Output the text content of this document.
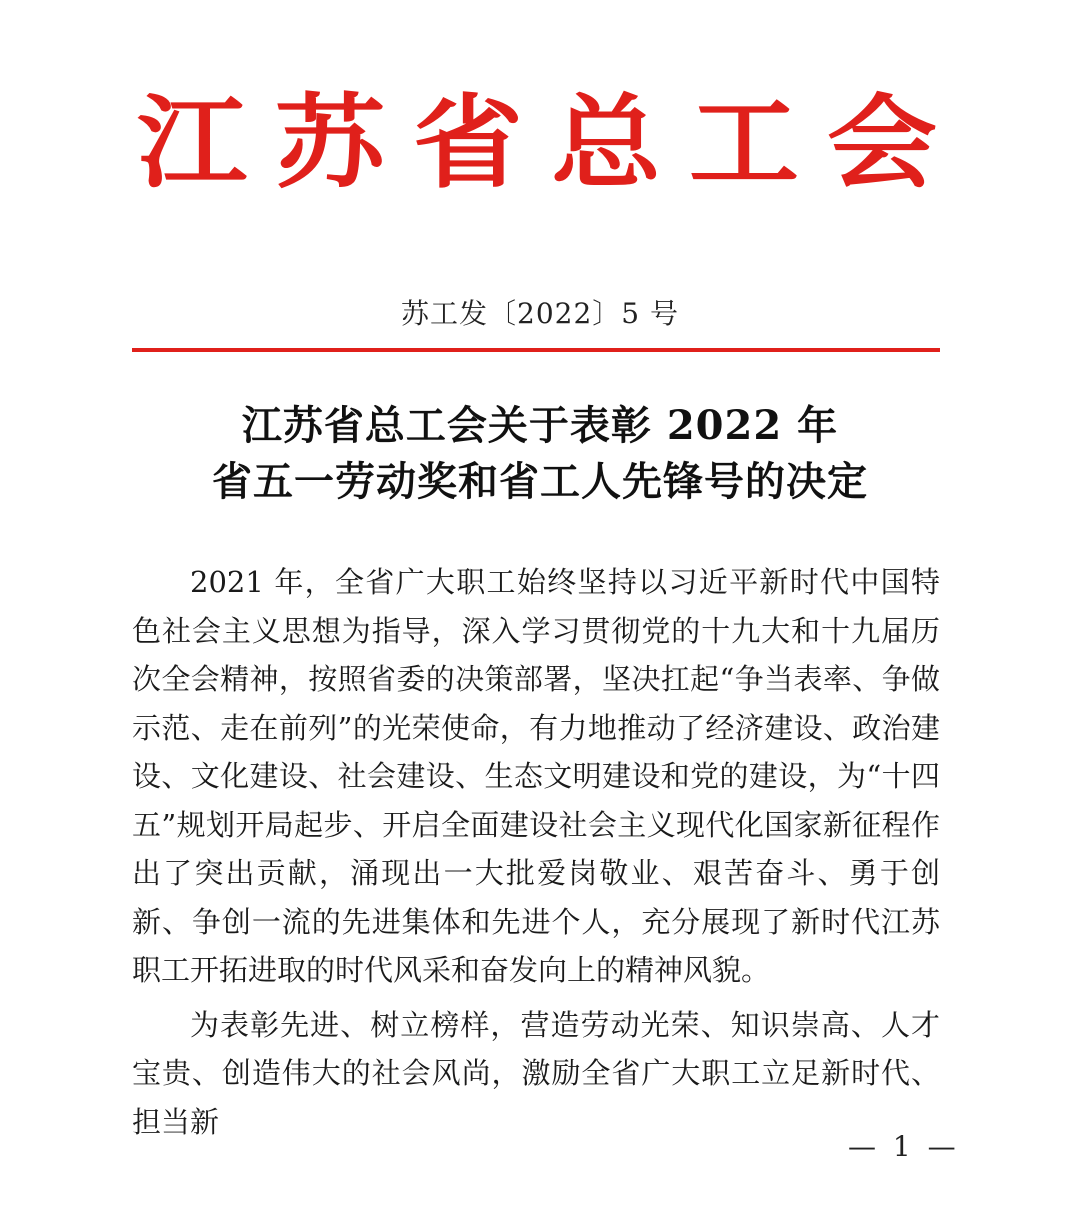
江 苏 省 总 工 会
苏工发〔2022〕5 号
江苏省总工会关于表彰 2022 年
省五一劳动奖和省工人先锋号的决定

2021 年，全省广大职工始终坚持以习近平新时代中国特色社会主义思想为指导，深入学习贯彻党的十九大和十九届历次全会精神，按照省委的决策部署，坚决扛起“争当表率、争做示范、走在前列”的光荣使命，有力地推动了经济建设、政治建设、文化建设、社会建设、生态文明建设和党的建设，为“十四五”规划开局起步、开启全面建设社会主义现代化国家新征程作出了突出贡献，涌现出一大批爱岗敬业、艰苦奋斗、勇于创新、争创一流的先进集体和先进个人，充分展现了新时代江苏职工开拓进取的时代风采和奋发向上的精神风貌。

为表彰先进、树立榜样，营造劳动光荣、知识崇高、人才宝贵、创造伟大的社会风尚，激励全省广大职工立足新时代、担当新

— 1 —
